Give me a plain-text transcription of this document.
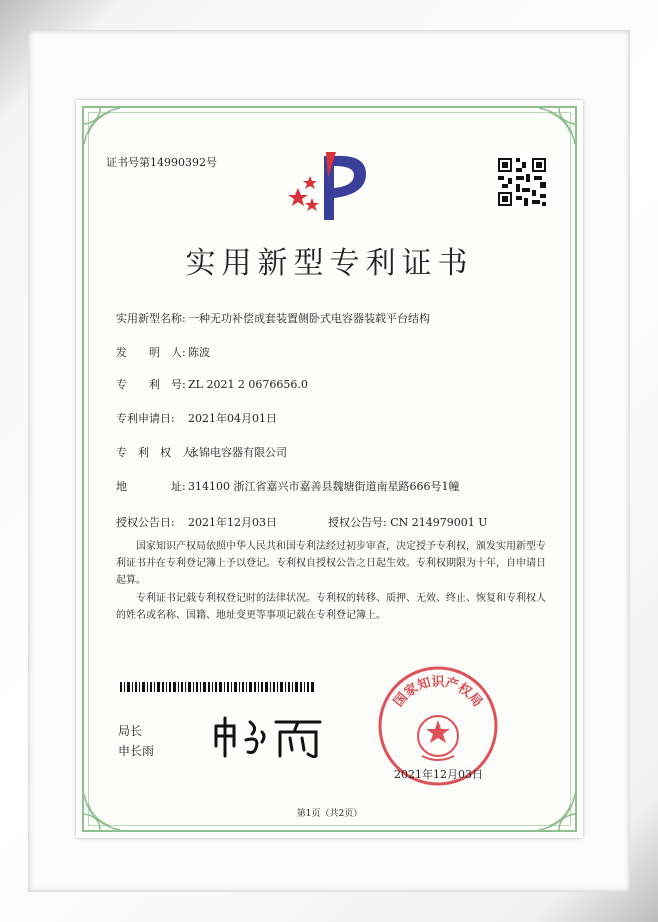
证书号第14990392号
实用新型专利证书
实用新型名称: 一种无功补偿成套装置侧卧式电容器装载平台结构
发　　明　人: 陈波
专　　利　号: ZL 2021 2 0676656.0
专利申请日: 2021年04月01日
专　利　权　人:永锦电容器有限公司
地　　　　址: 314100 浙江省嘉兴市嘉善县魏塘街道南星路666号1幢
授权公告日: 2021年12月03日	授权公告号: CN 214979001 U
国家知识产权局依照中华人民共和国专利法经过初步审查，决定授予专利权，颁发实用新型专利证书并在专利登记簿上予以登记。专利权自授权公告之日起生效。专利权期限为十年，自申请日起算。
专利证书记载专利权登记时的法律状况。专利权的转移、质押、无效、终止、恢复和专利权人的姓名或名称、国籍、地址变更等事项记载在专利登记簿上。
局长
申长雨
国家知识产权局
2021年12月03日
第1页（共2页）
